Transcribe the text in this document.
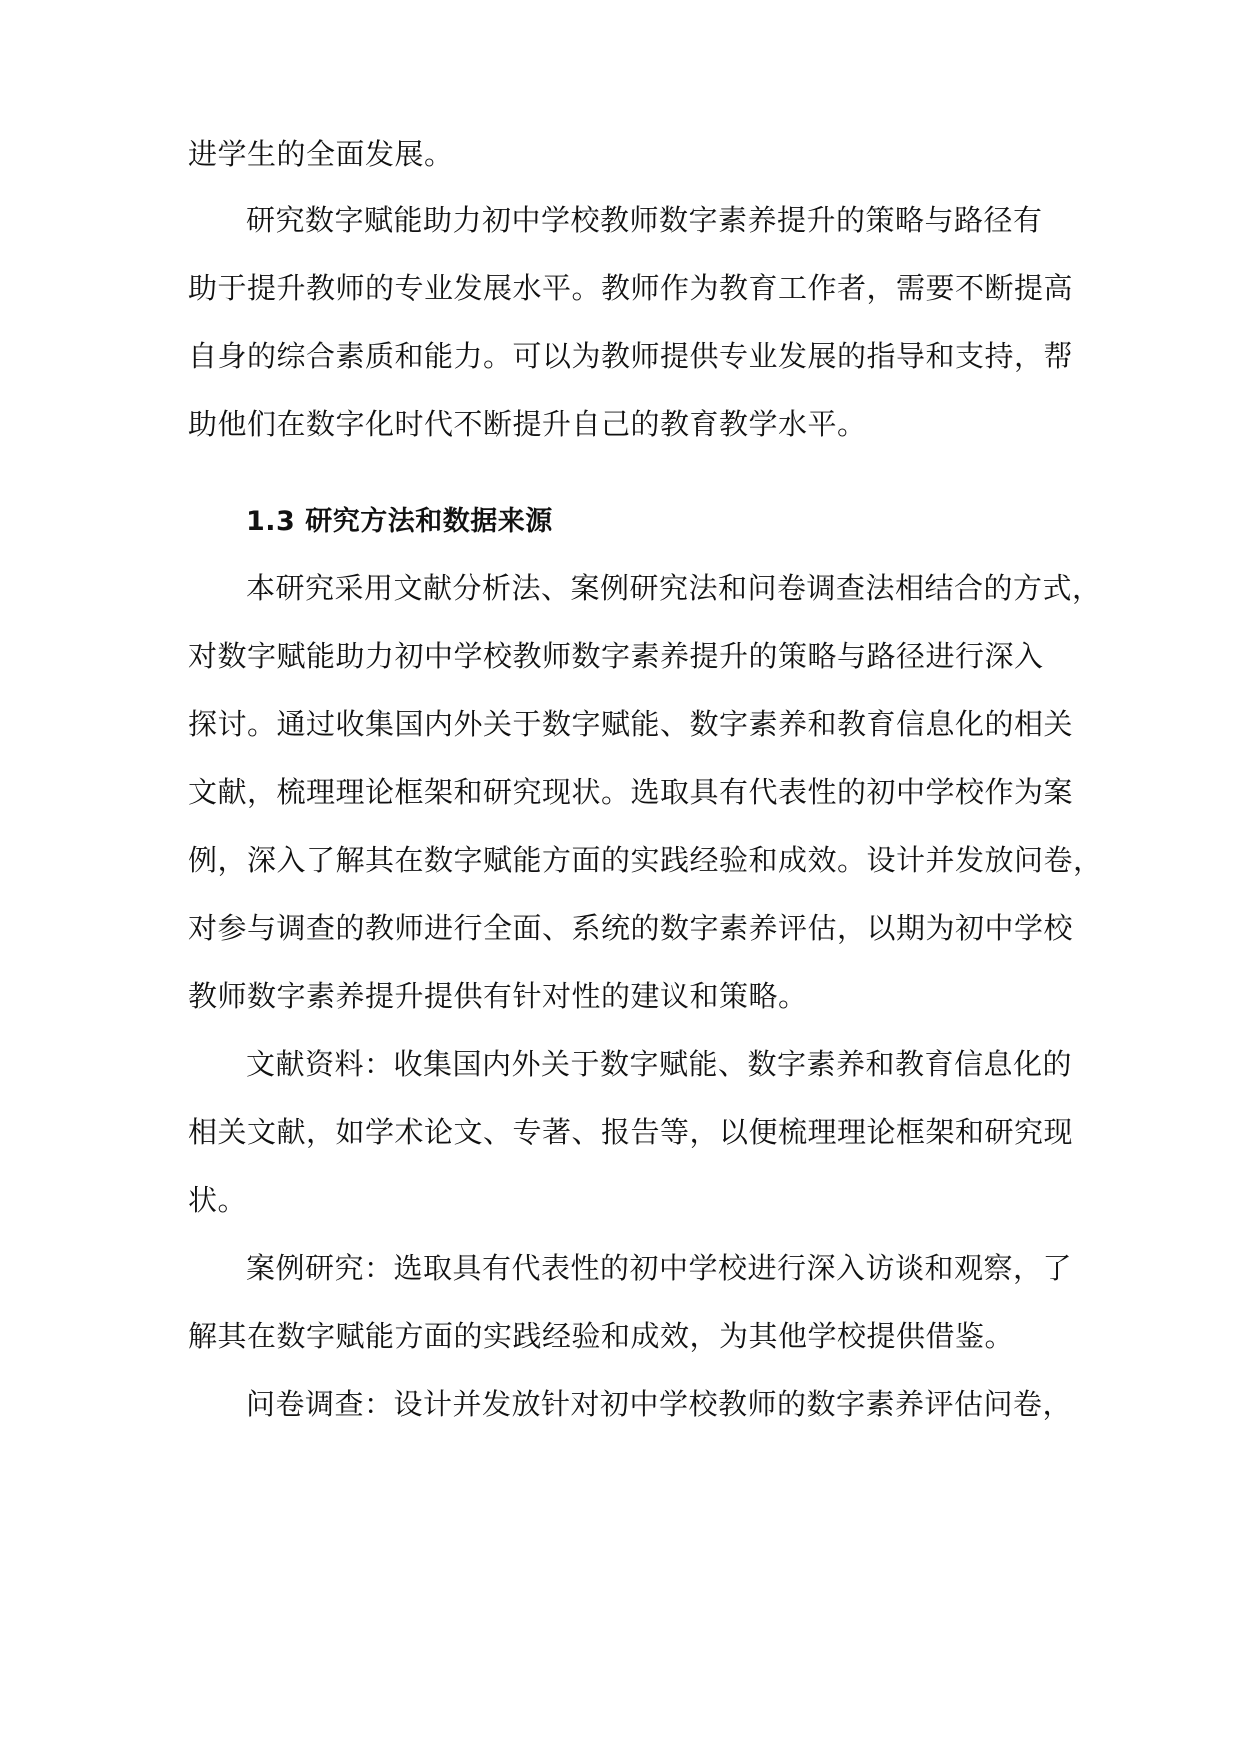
进学生的全面发展。
研究数字赋能助力初中学校教师数字素养提升的策略与路径有
助于提升教师的专业发展水平。教师作为教育工作者，需要不断提高
自身的综合素质和能力。可以为教师提供专业发展的指导和支持，帮
助他们在数字化时代不断提升自己的教育教学水平。
1.3 研究方法和数据来源
本研究采用文献分析法、案例研究法和问卷调查法相结合的方式，
对数字赋能助力初中学校教师数字素养提升的策略与路径进行深入
探讨。通过收集国内外关于数字赋能、数字素养和教育信息化的相关
文献，梳理理论框架和研究现状。选取具有代表性的初中学校作为案
例，深入了解其在数字赋能方面的实践经验和成效。设计并发放问卷，
对参与调查的教师进行全面、系统的数字素养评估，以期为初中学校
教师数字素养提升提供有针对性的建议和策略。
文献资料：收集国内外关于数字赋能、数字素养和教育信息化的
相关文献，如学术论文、专著、报告等，以便梳理理论框架和研究现
状。
案例研究：选取具有代表性的初中学校进行深入访谈和观察，了
解其在数字赋能方面的实践经验和成效，为其他学校提供借鉴。
问卷调查：设计并发放针对初中学校教师的数字素养评估问卷，
